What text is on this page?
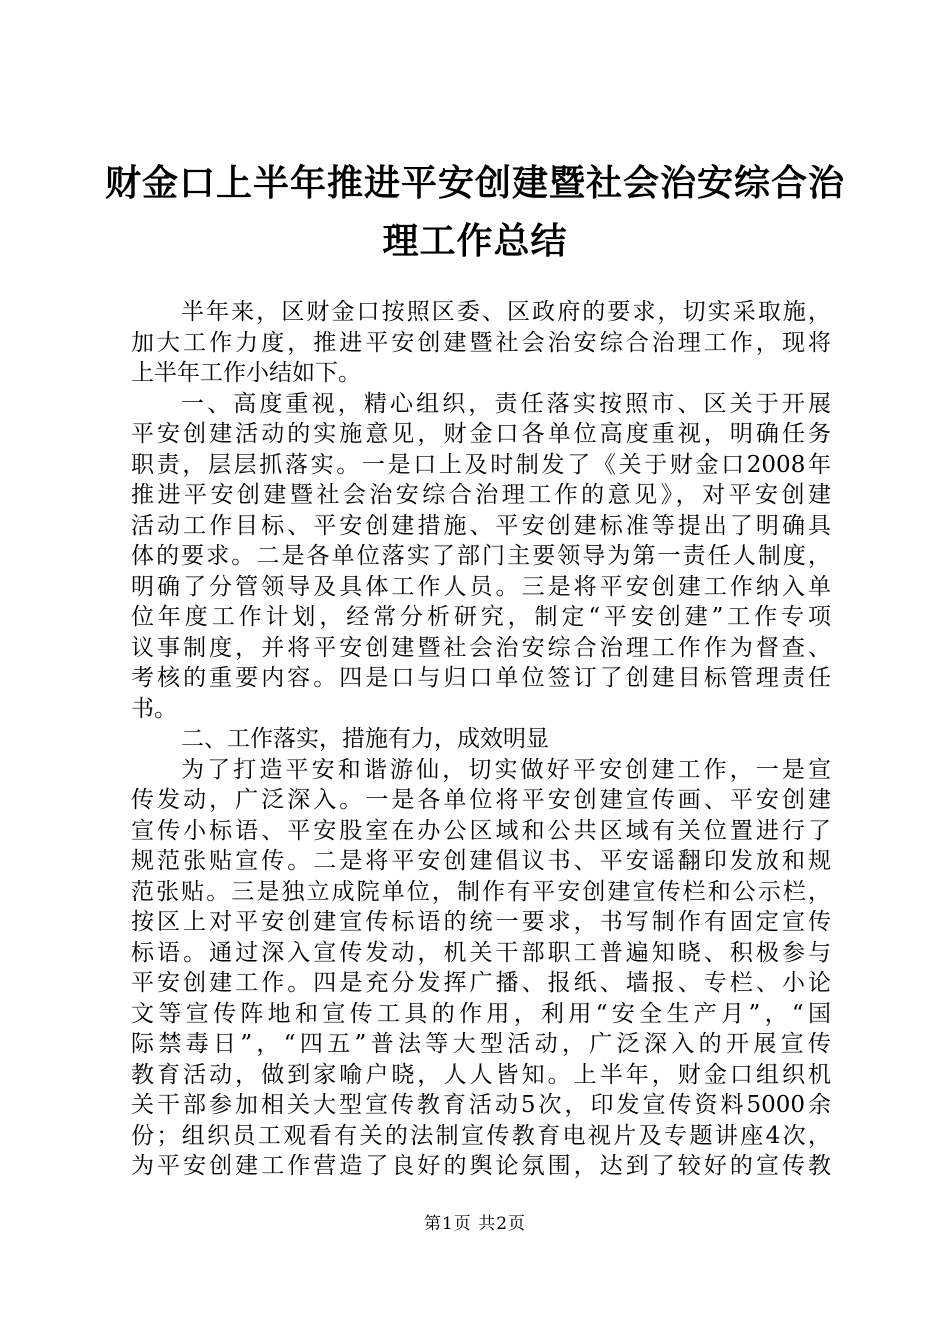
财金口上半年推进平安创建暨社会治安综合治
理工作总结
半年来，区财金口按照区委、区政府的要求，切实采取施，
加大工作力度，推进平安创建暨社会治安综合治理工作，现将
上半年工作小结如下。
一、高度重视，精心组织，责任落实按照市、区关于开展
平安创建活动的实施意见，财金口各单位高度重视，明确任务
职责，层层抓落实。一是口上及时制发了《关于财金口2008年
推进平安创建暨社会治安综合治理工作的意见》，对平安创建
活动工作目标、平安创建措施、平安创建标准等提出了明确具
体的要求。二是各单位落实了部门主要领导为第一责任人制度，
明确了分管领导及具体工作人员。三是将平安创建工作纳入单
位年度工作计划，经常分析研究，制定“平安创建”工作专项
议事制度，并将平安创建暨社会治安综合治理工作作为督查、
考核的重要内容。四是口与归口单位签订了创建目标管理责任
书。
二、工作落实，措施有力，成效明显
为了打造平安和谐游仙，切实做好平安创建工作，一是宣
传发动，广泛深入。一是各单位将平安创建宣传画、平安创建
宣传小标语、平安股室在办公区域和公共区域有关位置进行了
规范张贴宣传。二是将平安创建倡议书、平安谣翻印发放和规
范张贴。三是独立成院单位，制作有平安创建宣传栏和公示栏，
按区上对平安创建宣传标语的统一要求，书写制作有固定宣传
标语。通过深入宣传发动，机关干部职工普遍知晓、积极参与
平安创建工作。四是充分发挥广播、报纸、墙报、专栏、小论
文等宣传阵地和宣传工具的作用，利用“安全生产月”，“国
际禁毒日”，“四五”普法等大型活动，广泛深入的开展宣传
教育活动，做到家喻户晓，人人皆知。上半年，财金口组织机
关干部参加相关大型宣传教育活动5次，印发宣传资料5000余
份；组织员工观看有关的法制宣传教育电视片及专题讲座4次，
为平安创建工作营造了良好的舆论氛围，达到了较好的宣传教
第1页 共2页
